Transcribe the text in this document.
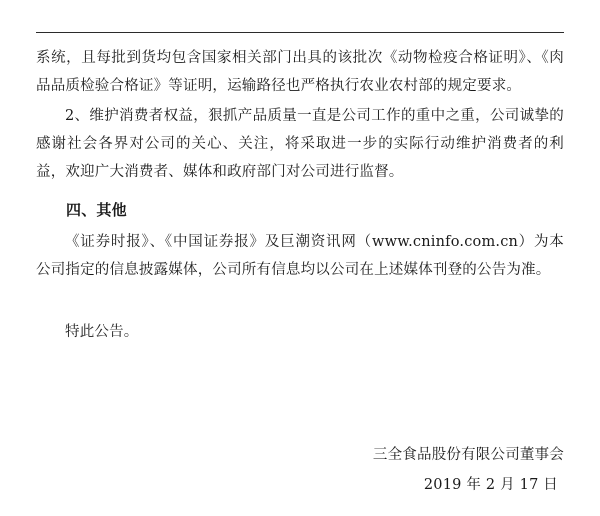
系统，且每批到货均包含国家相关部门出具的该批次《动物检疫合格证明》、《肉品品质检验合格证》等证明，运输路径也严格执行农业农村部的规定要求。

2、维护消费者权益，狠抓产品质量一直是公司工作的重中之重，公司诚挚的感谢社会各界对公司的关心、关注，将采取进一步的实际行动维护消费者的利益，欢迎广大消费者、媒体和政府部门对公司进行监督。

四、其他

《证券时报》、《中国证券报》及巨潮资讯网（www.cninfo.com.cn）为本公司指定的信息披露媒体，公司所有信息均以公司在上述媒体刊登的公告为准。

特此公告。

三全食品股份有限公司董事会

2019 年 2 月 17 日
